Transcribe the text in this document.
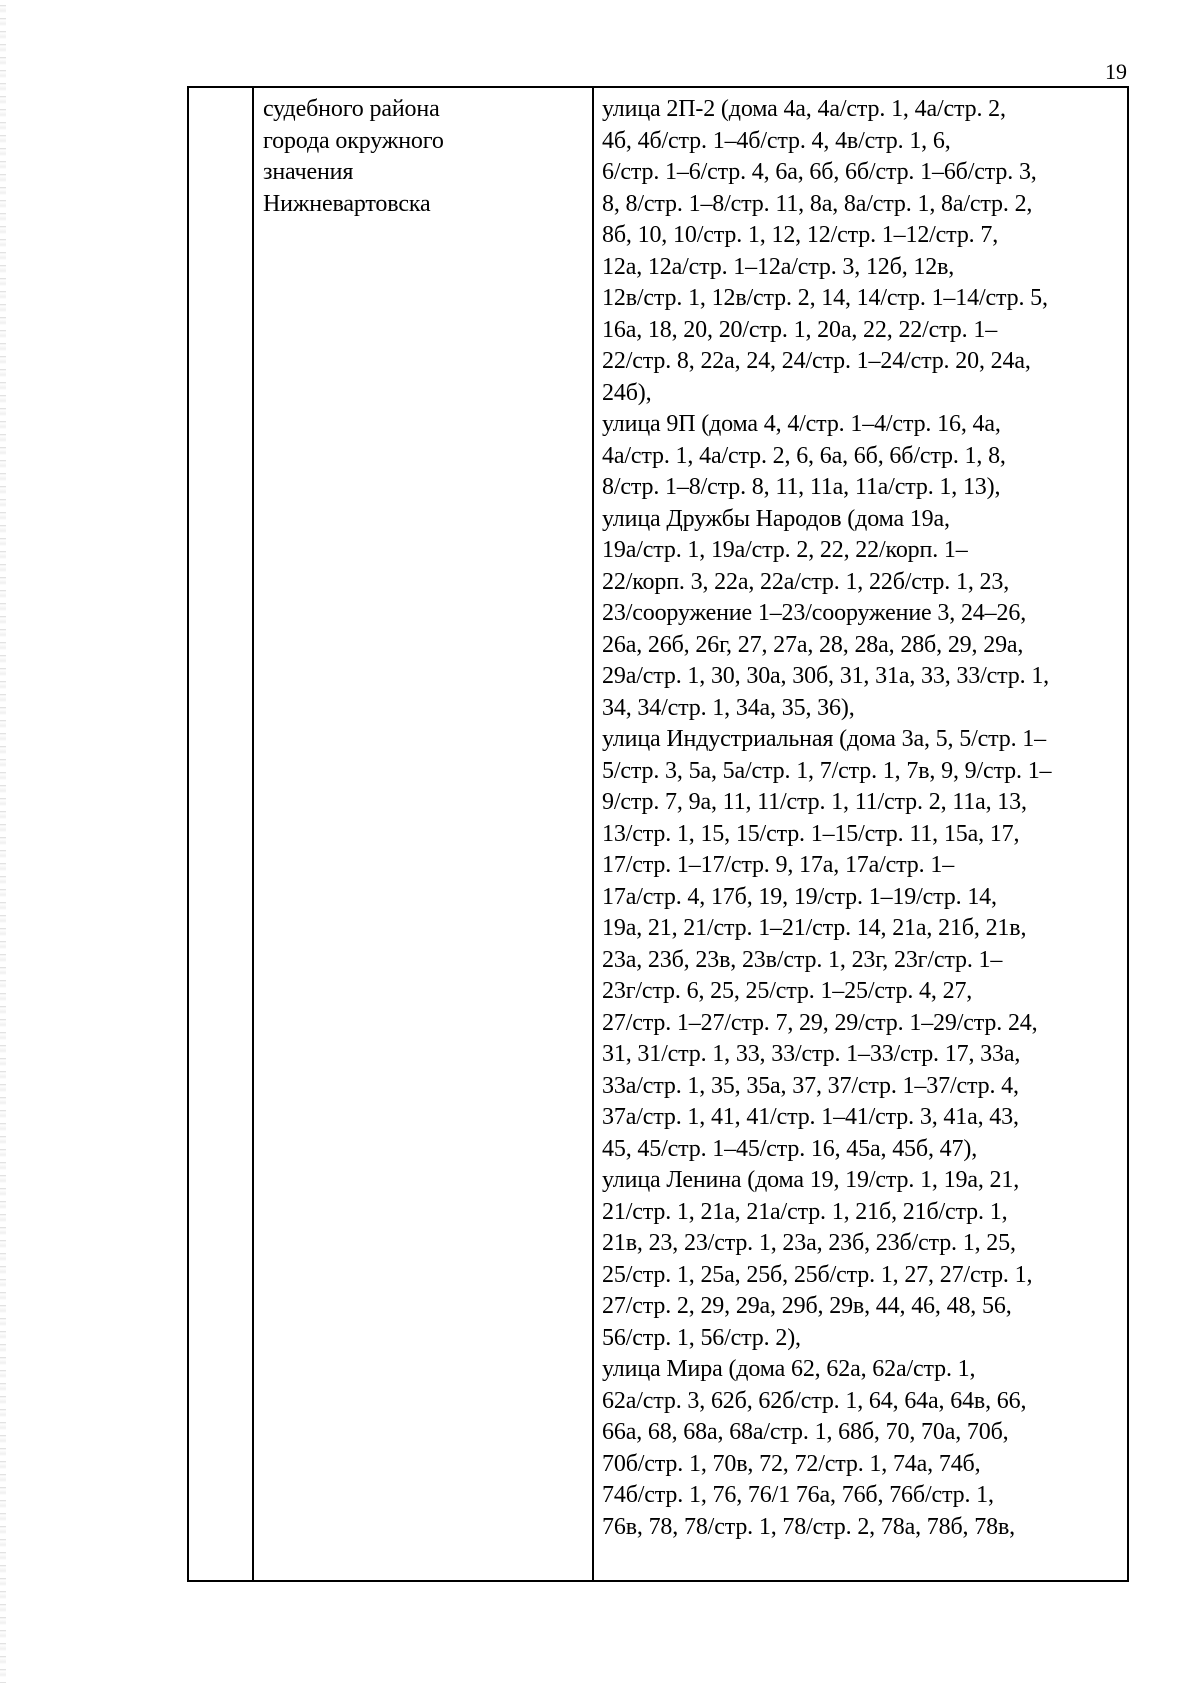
19
судебного района
города окружного
значения
Нижневартовска
улица 2П-2 (дома 4а, 4а/стр. 1, 4а/стр. 2,
4б, 4б/стр. 1–4б/стр. 4, 4в/стр. 1, 6,
6/стр. 1–6/стр. 4, 6а, 6б, 6б/стр. 1–6б/стр. 3,
8, 8/стр. 1–8/стр. 11, 8а, 8а/стр. 1, 8а/стр. 2,
8б, 10, 10/стр. 1, 12, 12/стр. 1–12/стр. 7,
12а, 12а/стр. 1–12а/стр. 3, 12б, 12в,
12в/стр. 1, 12в/стр. 2, 14, 14/стр. 1–14/стр. 5,
16а, 18, 20, 20/стр. 1, 20а, 22, 22/стр. 1–
22/стр. 8, 22а, 24, 24/стр. 1–24/стр. 20, 24а,
24б),
улица 9П (дома 4, 4/стр. 1–4/стр. 16, 4а,
4а/стр. 1, 4а/стр. 2, 6, 6а, 6б, 6б/стр. 1, 8,
8/стр. 1–8/стр. 8, 11, 11а, 11а/стр. 1, 13),
улица Дружбы Народов (дома 19а,
19а/стр. 1, 19а/стр. 2, 22, 22/корп. 1–
22/корп. 3, 22а, 22а/стр. 1, 22б/стр. 1, 23,
23/сооружение 1–23/сооружение 3, 24–26,
26а, 26б, 26г, 27, 27а, 28, 28а, 28б, 29, 29а,
29а/стр. 1, 30, 30а, 30б, 31, 31а, 33, 33/стр. 1,
34, 34/стр. 1, 34а, 35, 36),
улица Индустриальная (дома 3а, 5, 5/стр. 1–
5/стр. 3, 5а, 5а/стр. 1, 7/стр. 1, 7в, 9, 9/стр. 1–
9/стр. 7, 9а, 11, 11/стр. 1, 11/стр. 2, 11а, 13,
13/стр. 1, 15, 15/стр. 1–15/стр. 11, 15а, 17,
17/стр. 1–17/стр. 9, 17а, 17а/стр. 1–
17а/стр. 4, 17б, 19, 19/стр. 1–19/стр. 14,
19а, 21, 21/стр. 1–21/стр. 14, 21а, 21б, 21в,
23а, 23б, 23в, 23в/стр. 1, 23г, 23г/стр. 1–
23г/стр. 6, 25, 25/стр. 1–25/стр. 4, 27,
27/стр. 1–27/стр. 7, 29, 29/стр. 1–29/стр. 24,
31, 31/стр. 1, 33, 33/стр. 1–33/стр. 17, 33а,
33а/стр. 1, 35, 35а, 37, 37/стр. 1–37/стр. 4,
37а/стр. 1, 41, 41/стр. 1–41/стр. 3, 41а, 43,
45, 45/стр. 1–45/стр. 16, 45а, 45б, 47),
улица Ленина (дома 19, 19/стр. 1, 19а, 21,
21/стр. 1, 21а, 21а/стр. 1, 21б, 21б/стр. 1,
21в, 23, 23/стр. 1, 23а, 23б, 23б/стр. 1, 25,
25/стр. 1, 25а, 25б, 25б/стр. 1, 27, 27/стр. 1,
27/стр. 2, 29, 29а, 29б, 29в, 44, 46, 48, 56,
56/стр. 1, 56/стр. 2),
улица Мира (дома 62, 62а, 62а/стр. 1,
62а/стр. 3, 62б, 62б/стр. 1, 64, 64а, 64в, 66,
66а, 68, 68а, 68а/стр. 1, 68б, 70, 70а, 70б,
70б/стр. 1, 70в, 72, 72/стр. 1, 74а, 74б,
74б/стр. 1, 76, 76/1 76а, 76б, 76б/стр. 1,
76в, 78, 78/стр. 1, 78/стр. 2, 78а, 78б, 78в,
